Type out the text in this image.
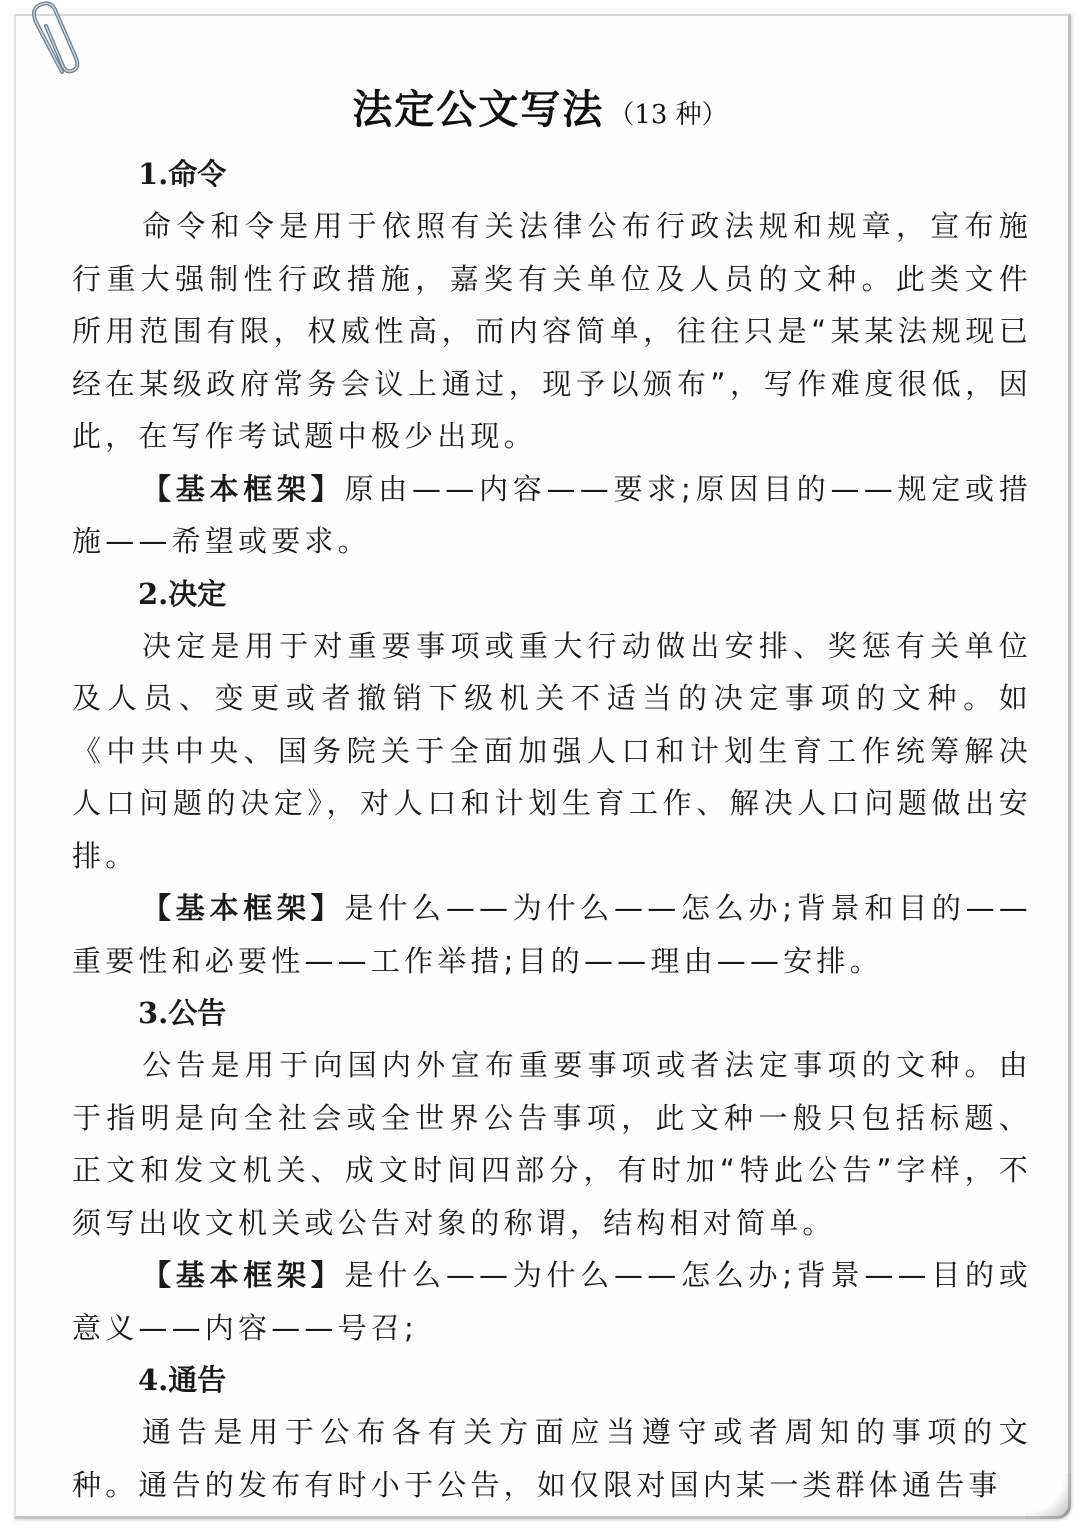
法定公文写法 （13 种）
1.命令

命令和令是用于依照有关法律公布行政法规和规章，宣布施行重大强制性行政措施，嘉奖有关单位及人员的文种。此类文件所用范围有限，权威性高，而内容简单，往往只是“某某法规现已经在某级政府常务会议上通过，现予以颁布”，写作难度很低，因此，在写作考试题中极少出现。

【基本框架】原由——内容——要求;原因目的——规定或措施——希望或要求。

2.决定

决定是用于对重要事项或重大行动做出安排、奖惩有关单位及人员、变更或者撤销下级机关不适当的决定事项的文种。如《中共中央、国务院关于全面加强人口和计划生育工作统筹解决人口问题的决定》，对人口和计划生育工作、解决人口问题做出安排。

【基本框架】是什么——为什么——怎么办;背景和目的——重要性和必要性——工作举措;目的——理由——安排。

3.公告

公告是用于向国内外宣布重要事项或者法定事项的文种。由于指明是向全社会或全世界公告事项，此文种一般只包括标题、正文和发文机关、成文时间四部分，有时加“特此公告”字样，不须写出收文机关或公告对象的称谓，结构相对简单。

【基本框架】是什么——为什么——怎么办;背景——目的或意义——内容——号召;

4.通告

通告是用于公布各有关方面应当遵守或者周知的事项的文种。通告的发布有时小于公告，如仅限对国内某一类群体通告事
